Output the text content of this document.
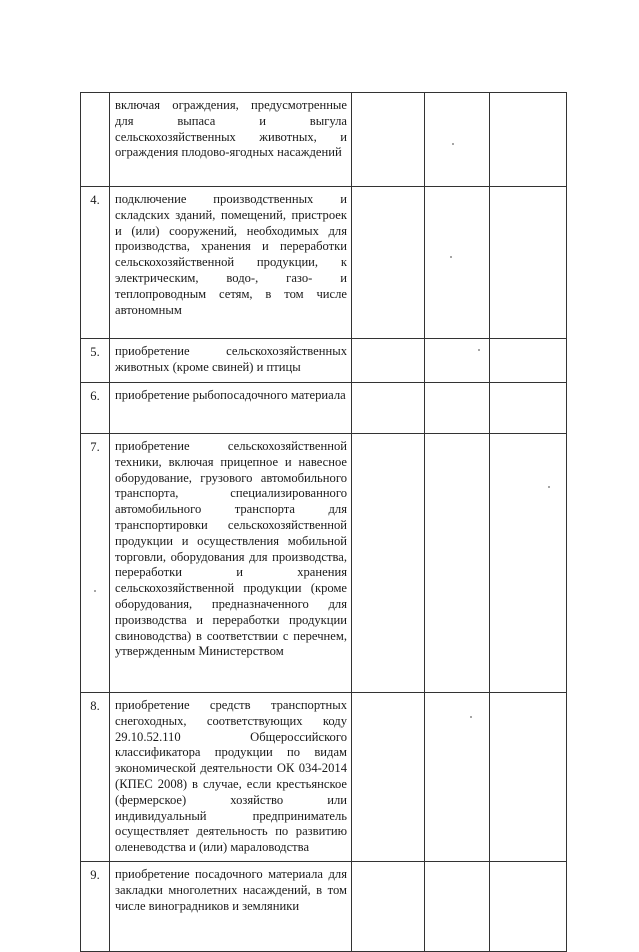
	включая ограждения, предусмотренные для выпаса и выгула сельскохозяйственных животных, и ограждения плодово-ягодных насаждений			
4.	подключение производственных и складских зданий, помещений, пристроек и (или) сооружений, необходимых для производства, хранения и переработки сельскохозяйственной продукции, к электрическим, водо-, газо- и теплопроводным сетям, в том числе автономным			
5.	приобретение сельскохозяйственных животных (кроме свиней) и птицы			
6.	приобретение рыбопосадочного материала			
7.	приобретение сельскохозяйственной техники, включая прицепное и навесное оборудование, грузового автомобильного транспорта, специализированного автомобильного транспорта для транспортировки сельскохозяйственной продукции и осуществления мобильной торговли, оборудования для производства, переработки и хранения сельскохозяйственной продукции (кроме оборудования, предназначенного для производства и переработки продукции свиноводства) в соответствии с перечнем, утвержденным Министерством			
8.	приобретение средств транспортных снегоходных, соответствующих коду 29.10.52.110 Общероссийского классификатора продукции по видам экономической деятельности ОК 034-2014 (КПЕС 2008) в случае, если крестьянское (фермерское) хозяйство или индивидуальный предприниматель осуществляет деятельность по развитию оленеводства и (или) мараловодства			
9.	приобретение посадочного материала для закладки многолетних насаждений, в том числе виноградников и земляники			
